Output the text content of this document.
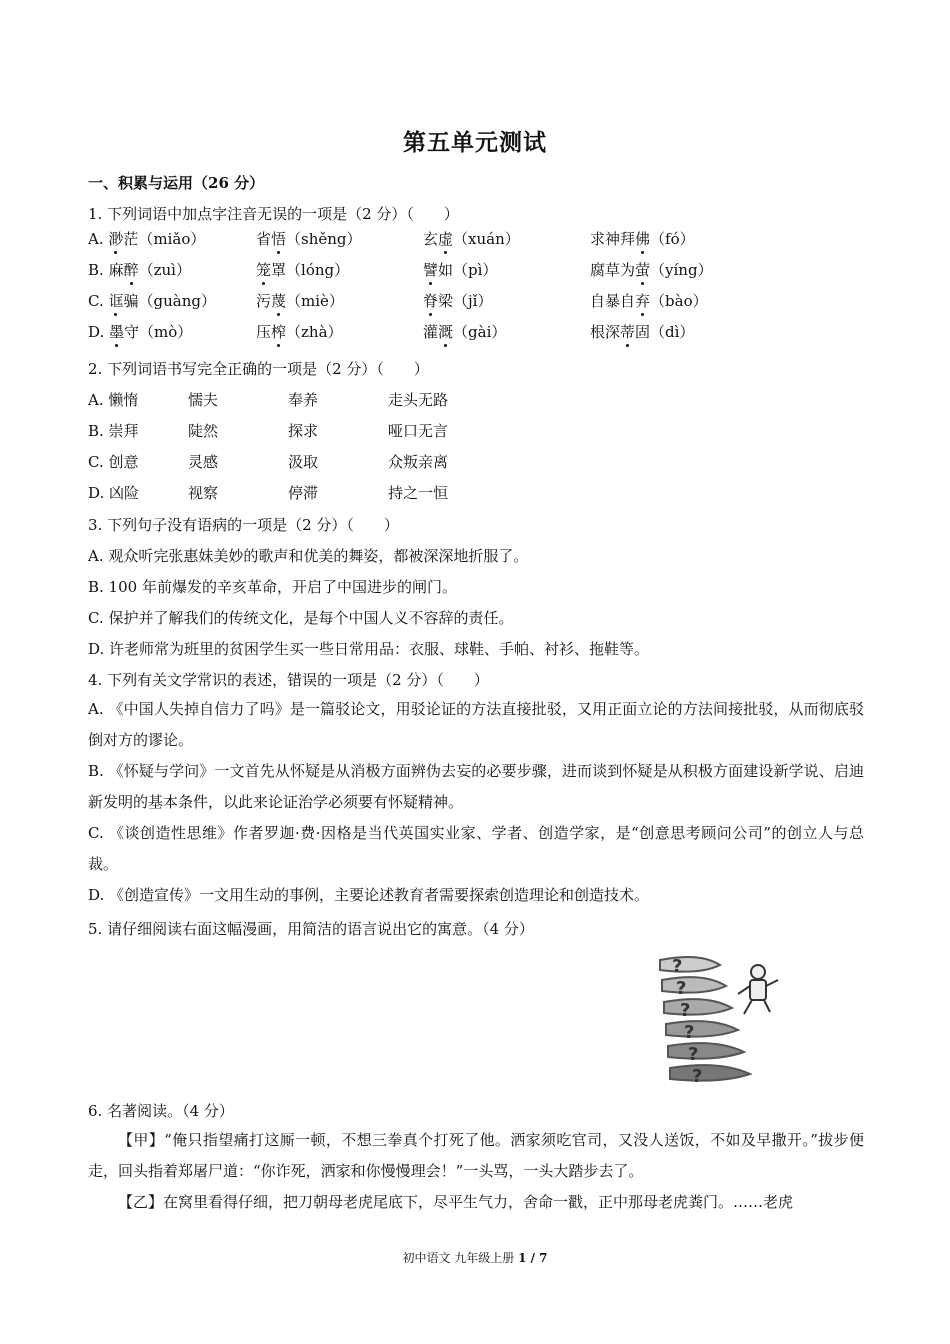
第五单元测试
一、积累与运用（26 分）
1. 下列词语中加点字注音无误的一项是（2 分）（　　）
A. 渺茫（miǎo）	省悟（shěng）	玄虚（xuán）	求神拜佛（fó）
B. 麻醉（zuì）	笼罩（lóng）	譬如（pì）	腐草为萤（yíng）
C. 诓骗（guàng）	污蔑（miè）	脊梁（jǐ）	自暴自弃（bào）
D. 墨守（mò）	压榨（zhà）	灌溉（gài）	根深蒂固（dì）
2. 下列词语书写完全正确的一项是（2 分）（　　）
A. 懒惰	懦夫	奉养	走头无路
B. 崇拜	陡然	探求	哑口无言
C. 创意	灵感	汲取	众叛亲离
D. 凶险	视察	停滞	持之一恒
3. 下列句子没有语病的一项是（2 分）（　　）
A. 观众听完张惠妹美妙的歌声和优美的舞姿，都被深深地折服了。
B. 100 年前爆发的辛亥革命，开启了中国进步的闸门。
C. 保护并了解我们的传统文化，是每个中国人义不容辞的责任。
D. 许老师常为班里的贫困学生买一些日常用品：衣服、球鞋、手帕、衬衫、拖鞋等。
4. 下列有关文学常识的表述，错误的一项是（2 分）（　　）
A. 《中国人失掉自信力了吗》是一篇驳论文，用驳论证的方法直接批驳，又用正面立论的方法间接批驳，从而彻底驳倒对方的谬论。
B. 《怀疑与学问》一文首先从怀疑是从消极方面辨伪去妄的必要步骤，进而谈到怀疑是从积极方面建设新学说、启迪新发明的基本条件，以此来论证治学必须要有怀疑精神。
C. 《谈创造性思维》作者罗迦·费·因格是当代英国实业家、学者、创造学家，是“创意思考顾问公司”的创立人与总裁。
D. 《创造宣传》一文用生动的事例，主要论述教育者需要探索创造理论和创造技术。
5. 请仔细阅读右面这幅漫画，用简洁的语言说出它的寓意。（4 分）
?
?
?
?
?
?
6. 名著阅读。（4 分）
【甲】“俺只指望痛打这厮一顿，不想三拳真个打死了他。洒家须吃官司，又没人送饭，不如及早撒开。”拔步便走，回头指着郑屠尸道：“你诈死，洒家和你慢慢理会！”一头骂，一头大踏步去了。
【乙】在窝里看得仔细，把刀朝母老虎尾底下，尽平生气力，舍命一戳，正中那母老虎粪门。……老虎
初中语文 九年级上册 1 / 7
